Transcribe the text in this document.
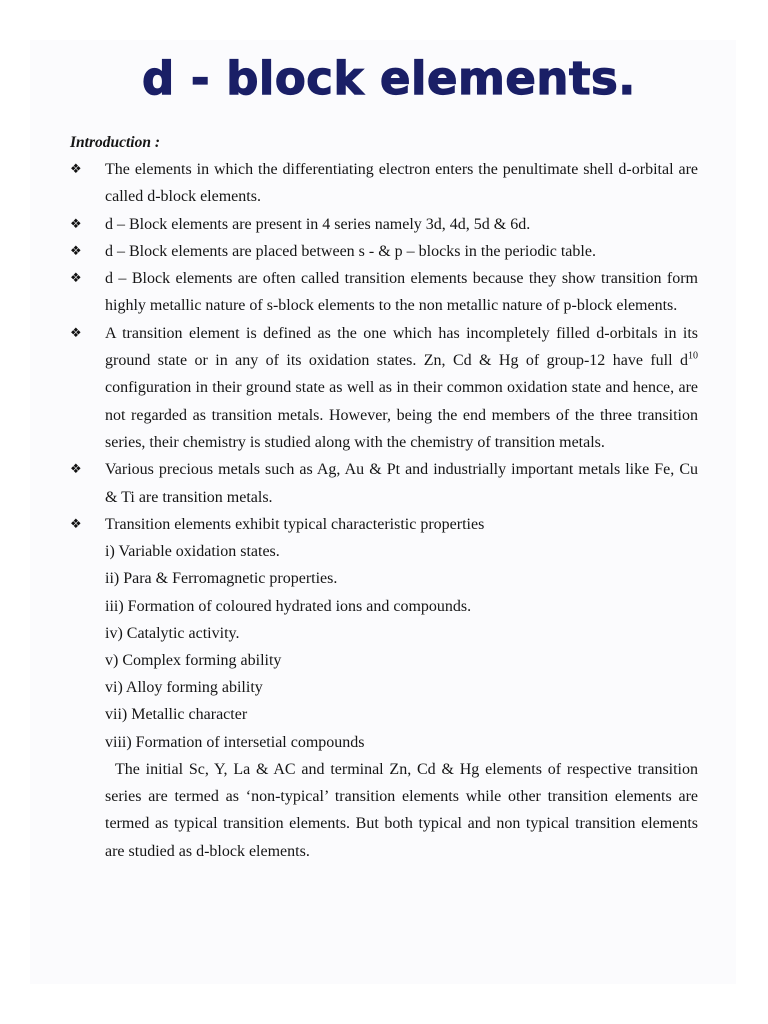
d - block elements.
Introduction :
❖ The elements in which the differentiating electron enters the penultimate shell d-orbital are called d-block elements.
❖ d – Block elements are present in 4 series namely 3d, 4d, 5d & 6d.
❖ d – Block elements are placed between s - & p – blocks in the periodic table.
❖ d – Block elements are often called transition elements because they show transition form highly metallic nature of s-block elements to the non metallic nature of p-block elements.
❖ A transition element is defined as the one which has incompletely filled d-orbitals in its ground state or in any of its oxidation states. Zn, Cd & Hg of group-12 have full $d^{10}$ configuration in their ground state as well as in their common oxidation state and hence, are not regarded as transition metals. However, being the end members of the three transition series, their chemistry is studied along with the chemistry of transition metals.
❖ Various precious metals such as Ag, Au & Pt and industrially important metals like Fe, Cu & Ti are transition metals.
❖ Transition elements exhibit typical characteristic properties
i) Variable oxidation states.
ii) Para & Ferromagnetic properties.
iii) Formation of coloured hydrated ions and compounds.
iv) Catalytic activity.
v) Complex forming ability
vi) Alloy forming ability
vii) Metallic character
viii) Formation of intersetial compounds
The initial Sc, Y, La & AC and terminal Zn, Cd & Hg elements of respective transition series are termed as ‘non-typical’ transition elements while other transition elements are termed as typical transition elements. But both typical and non typical transition elements are studied as d-block elements.
